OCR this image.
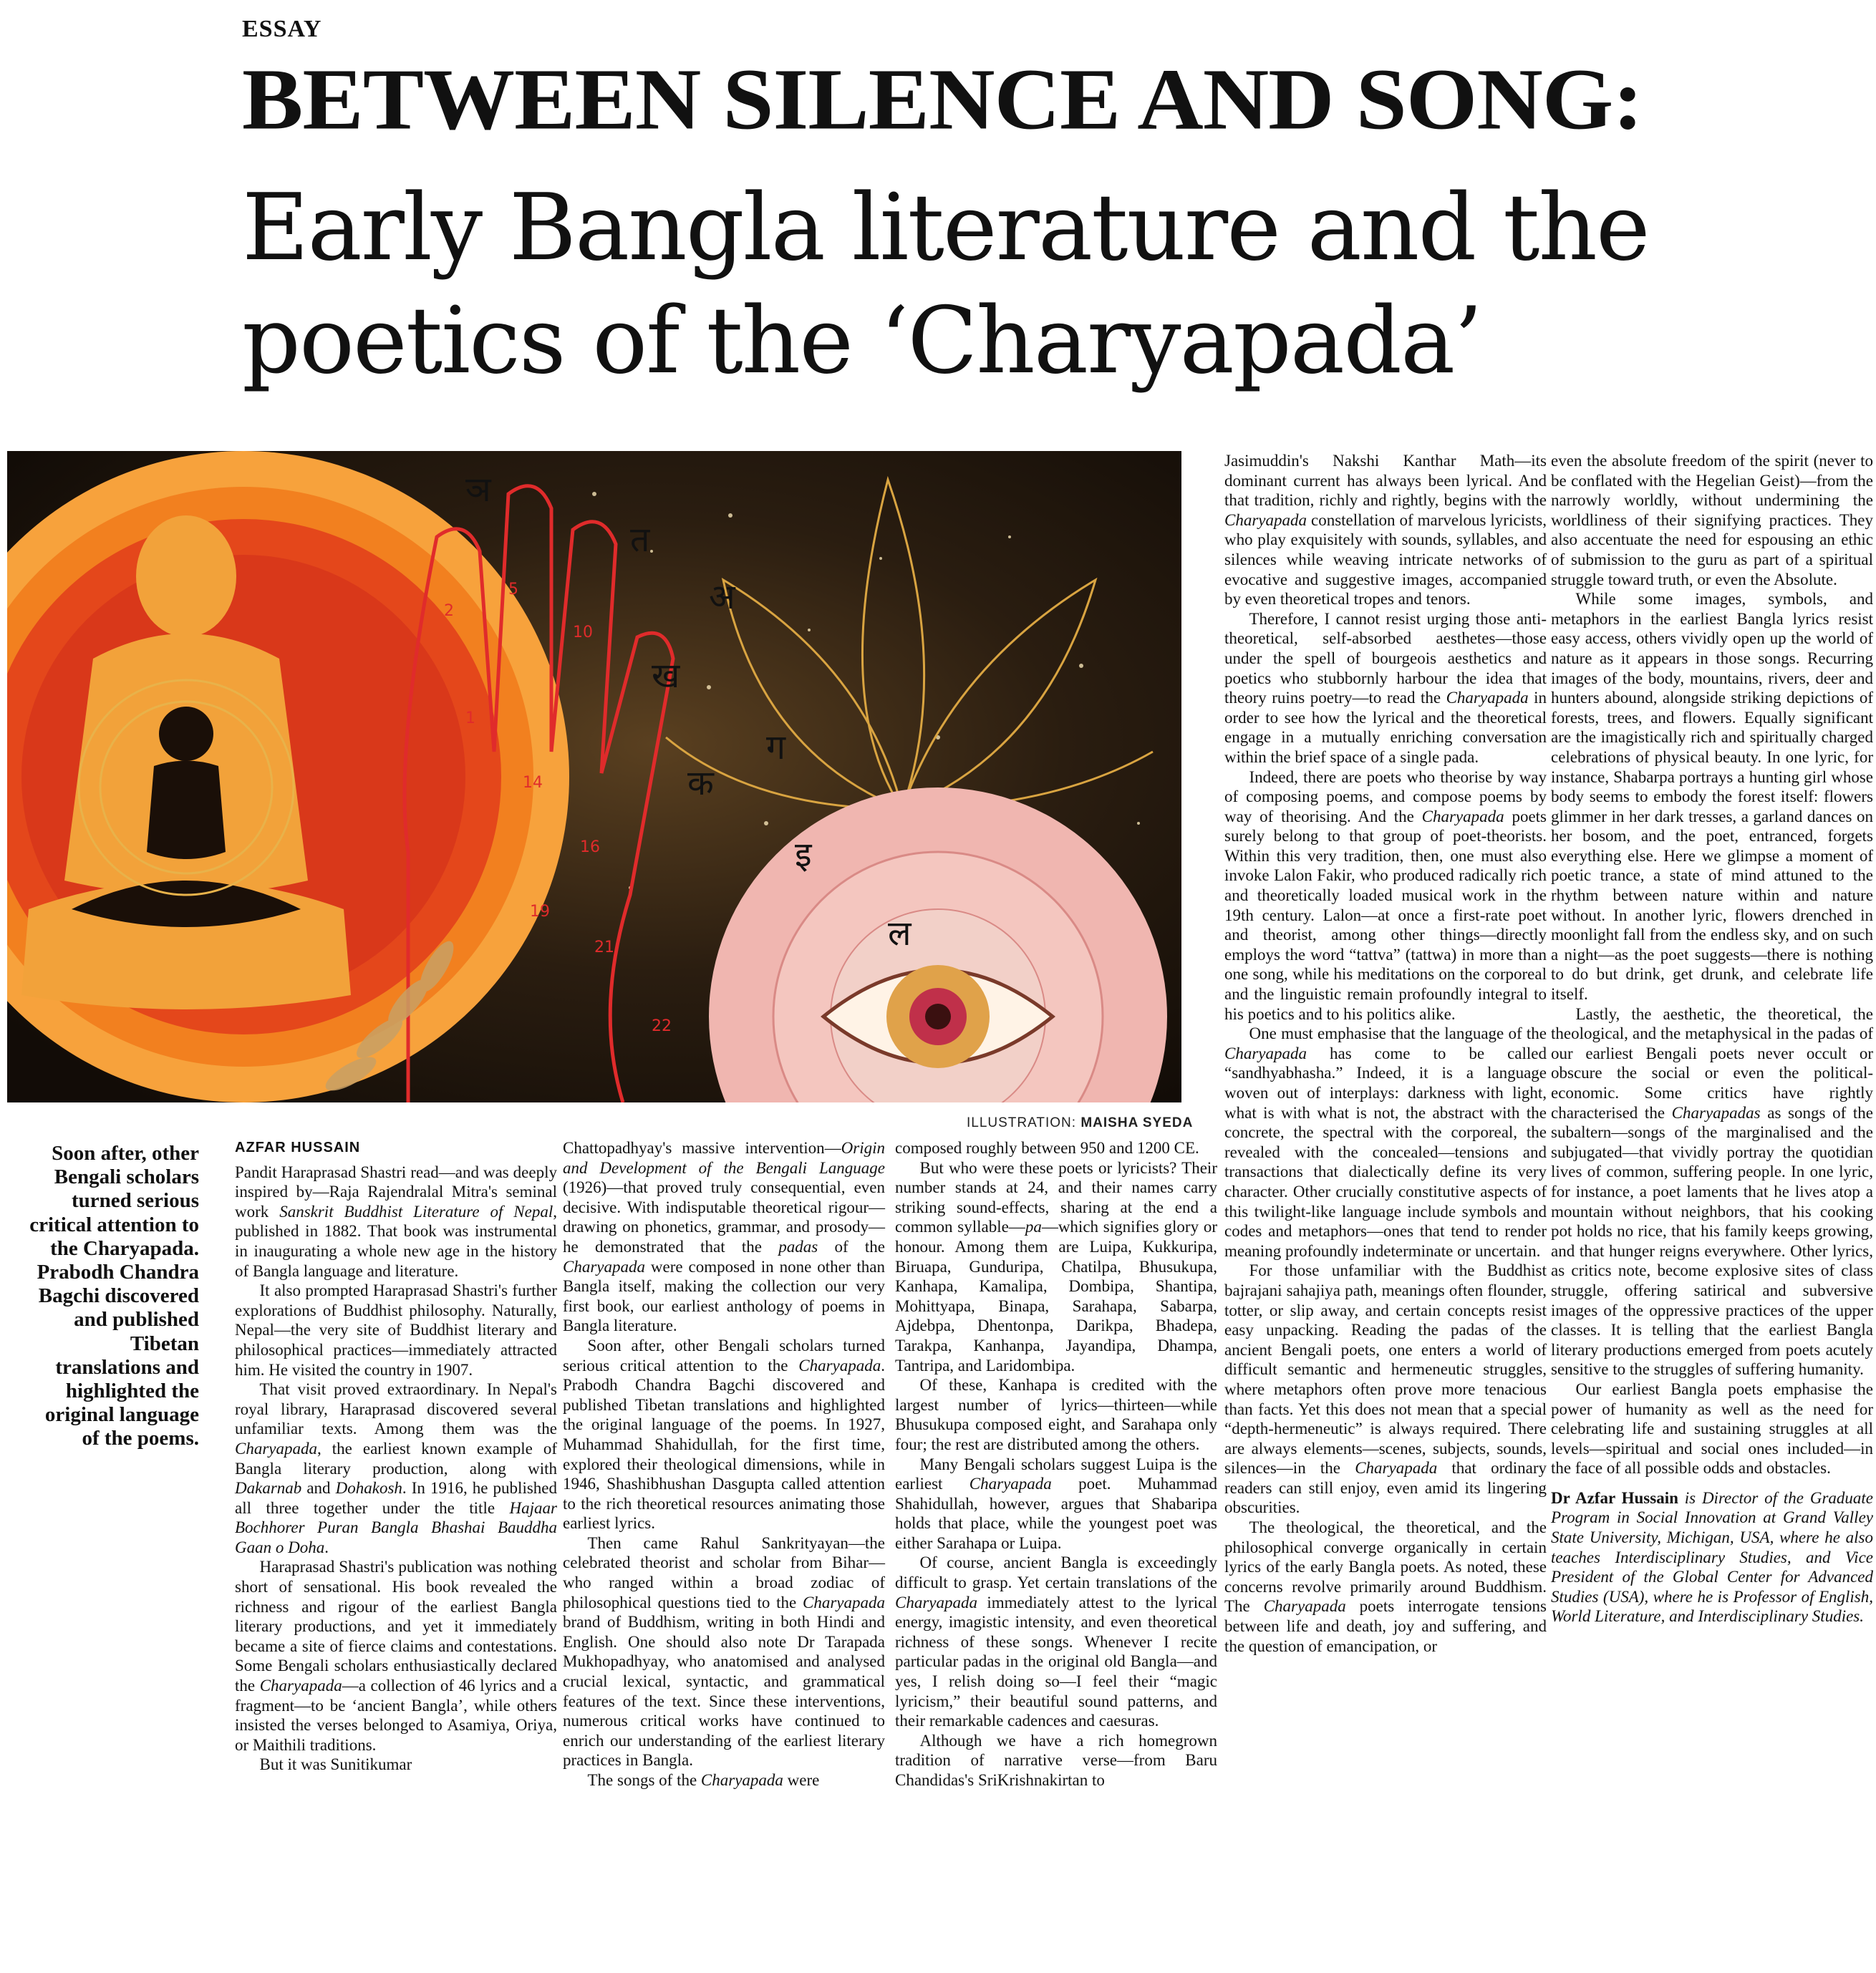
ESSAY
BETWEEN SILENCE AND SONG:
Early Bangla literature and the poetics of the ‘Charyapada’
2
5
10
1
14
16
19
21
22
ञ
अ
ग
ख
इ
क
ल
त
ILLUSTRATION: MAISHA SYEDA
Soon after, other Bengali scholars turned serious critical attention to the Charyapada. Prabodh Chandra Bagchi discovered and published Tibetan translations and highlighted the original language of the poems.

AZFAR HUSSAIN

Pandit Haraprasad Shastri read—and was deeply inspired by—Raja Rajendralal Mitra's seminal work Sanskrit Buddhist Literature of Nepal, published in 1882. That book was instrumental in inaugurating a whole new age in the history of Bangla language and literature.

It also prompted Haraprasad Shastri's further explorations of Buddhist philosophy. Naturally, Nepal—the very site of Buddhist literary and philosophical practices—immediately attracted him. He visited the country in 1907.

That visit proved extraordinary. In Nepal's royal library, Haraprasad discovered several unfamiliar texts. Among them was the Charyapada, the earliest known example of Bangla literary production, along with Dakarnab and Dohakosh. In 1916, he published all three together under the title Hajaar Bochhorer Puran Bangla Bhashai Bauddha Gaan o Doha.

Haraprasad Shastri's publication was nothing short of sensational. His book revealed the richness and rigour of the earliest Bangla literary productions, and yet it immediately became a site of fierce claims and contestations. Some Bengali scholars enthusiastically declared the Charyapada—a collection of 46 lyrics and a fragment—to be ‘ancient Bangla’, while others insisted the verses belonged to Asamiya, Oriya, or Maithili traditions.

But it was Sunitikumar

Chattopadhyay's massive intervention—Origin and Development of the Bengali Language (1926)—that proved truly consequential, even decisive. With indisputable theoretical rigour—drawing on phonetics, grammar, and prosody—he demonstrated that the padas of the Charyapada were composed in none other than Bangla itself, making the collection our very first book, our earliest anthology of poems in Bangla literature.

Soon after, other Bengali scholars turned serious critical attention to the Charyapada. Prabodh Chandra Bagchi discovered and published Tibetan translations and highlighted the original language of the poems. In 1927, Muhammad Shahidullah, for the first time, explored their theological dimensions, while in 1946, Shashibhushan Dasgupta called attention to the rich theoretical resources animating those earliest lyrics.

Then came Rahul Sankrityayan—the celebrated theorist and scholar from Bihar—who ranged within a broad zodiac of philosophical questions tied to the Charyapada brand of Buddhism, writing in both Hindi and English. One should also note Dr Tarapada Mukhopadhyay, who anatomised and analysed crucial lexical, syntactic, and grammatical features of the text. Since these interventions, numerous critical works have continued to enrich our understanding of the earliest literary practices in Bangla.

The songs of the Charyapada were

composed roughly between 950 and 1200 CE.

But who were these poets or lyricists? Their number stands at 24, and their names carry striking sound-effects, sharing at the end a common syllable—pa—which signifies glory or honour. Among them are Luipa, Kukkuripa, Biruapa, Gunduripa, Chatilpa, Bhusukupa, Kanhapa, Kamalipa, Dombipa, Shantipa, Mohittyapa, Binapa, Sarahapa, Sabarpa, Ajdebpa, Dhentonpa, Darikpa, Bhadepa, Tarakpa, Kanhanpa, Jayandipa, Dhampa, Tantripa, and Laridombipa.

Of these, Kanhapa is credited with the largest number of lyrics—thirteen—while Bhusukupa composed eight, and Sarahapa only four; the rest are distributed among the others.

Many Bengali scholars suggest Luipa is the earliest Charyapada poet. Muhammad Shahidullah, however, argues that Shabaripa holds that place, while the youngest poet was either Sarahapa or Luipa.

Of course, ancient Bangla is exceedingly difficult to grasp. Yet certain translations of the Charyapada immediately attest to the lyrical energy, imagistic intensity, and even theoretical richness of these songs. Whenever I recite particular padas in the original old Bangla—and yes, I relish doing so—I feel their “magic lyricism,” their beautiful sound patterns, and their remarkable cadences and caesuras.

Although we have a rich homegrown tradition of narrative verse—from Baru Chandidas's SriKrishnakirtan to

Jasimuddin's Nakshi Kanthar Math—its dominant current has always been lyrical. And that tradition, richly and rightly, begins with the Charyapada constellation of marvelous lyricists, who play exquisitely with sounds, syllables, and silences while weaving intricate networks of evocative and suggestive images, accompanied by even theoretical tropes and tenors.

Therefore, I cannot resist urging those anti-theoretical, self-absorbed aesthetes—those under the spell of bourgeois aesthetics and poetics who stubbornly harbour the idea that theory ruins poetry—to read the Charyapada in order to see how the lyrical and the theoretical engage in a mutually enriching conversation within the brief space of a single pada.

Indeed, there are poets who theorise by way of composing poems, and compose poems by way of theorising. And the Charyapada poets surely belong to that group of poet-theorists. Within this very tradition, then, one must also invoke Lalon Fakir, who produced radically rich and theoretically loaded musical work in the 19th century. Lalon—at once a first-rate poet and theorist, among other things—directly employs the word “tattva” (tattwa) in more than one song, while his meditations on the corporeal and the linguistic remain profoundly integral to his poetics and to his politics alike.

One must emphasise that the language of the Charyapada has come to be called “sandhyabhasha.” Indeed, it is a language woven out of interplays: darkness with light, what is with what is not, the abstract with the concrete, the spectral with the corporeal, the revealed with the concealed—tensions and transactions that dialectically define its very character. Other crucially constitutive aspects of this twilight-like language include symbols and codes and metaphors—ones that tend to render meaning profoundly indeterminate or uncertain.

For those unfamiliar with the Buddhist bajrajani sahajiya path, meanings often flounder, totter, or slip away, and certain concepts resist easy unpacking. Reading the padas of the ancient Bengali poets, one enters a world of difficult semantic and hermeneutic struggles, where metaphors often prove more tenacious than facts. Yet this does not mean that a special “depth-hermeneutic” is always required. There are always elements—scenes, subjects, sounds, silences—in the Charyapada that ordinary readers can still enjoy, even amid its lingering obscurities.

The theological, the theoretical, and the philosophical converge organically in certain lyrics of the early Bangla poets. As noted, these concerns revolve primarily around Buddhism. The Charyapada poets interrogate tensions between life and death, joy and suffering, and the question of emancipation, or

even the absolute freedom of the spirit (never to be conflated with the Hegelian Geist)—from the narrowly worldly, without undermining the worldliness of their signifying practices. They also accentuate the need for espousing an ethic of submission to the guru as part of a spiritual struggle toward truth, or even the Absolute.

While some images, symbols, and metaphors in the earliest Bangla lyrics resist easy access, others vividly open up the world of nature as it appears in those songs. Recurring images of the body, mountains, rivers, deer and hunters abound, alongside striking depictions of forests, trees, and flowers. Equally significant are the imagistically rich and spiritually charged celebrations of physical beauty. In one lyric, for instance, Shabarpa portrays a hunting girl whose body seems to embody the forest itself: flowers glimmer in her dark tresses, a garland dances on her bosom, and the poet, entranced, forgets everything else. Here we glimpse a moment of poetic trance, a state of mind attuned to the rhythm between nature within and nature without. In another lyric, flowers drenched in moonlight fall from the endless sky, and on such a night—as the poet suggests—there is nothing to do but drink, get drunk, and celebrate life itself.

Lastly, the aesthetic, the theoretical, the theological, and the metaphysical in the padas of our earliest Bengali poets never occult or obscure the social or even the political-economic. Some critics have rightly characterised the Charyapadas as songs of the subaltern—songs of the marginalised and the subjugated—that vividly portray the quotidian lives of common, suffering people. In one lyric, for instance, a poet laments that he lives atop a mountain without neighbors, that his cooking pot holds no rice, that his family keeps growing, and that hunger reigns everywhere. Other lyrics, as critics note, become explosive sites of class struggle, offering satirical and subversive images of the oppressive practices of the upper classes. It is telling that the earliest Bangla literary productions emerged from poets acutely sensitive to the struggles of suffering humanity.

Our earliest Bangla poets emphasise the power of humanity as well as the need for celebrating life and sustaining struggles at all levels—spiritual and social ones included—in the face of all possible odds and obstacles.

Dr Azfar Hussain is Director of the Graduate Program in Social Innovation at Grand Valley State University, Michigan, USA, where he also teaches Interdisciplinary Studies, and Vice President of the Global Center for Advanced Studies (USA), where he is Professor of English, World Literature, and Interdisciplinary Studies.
